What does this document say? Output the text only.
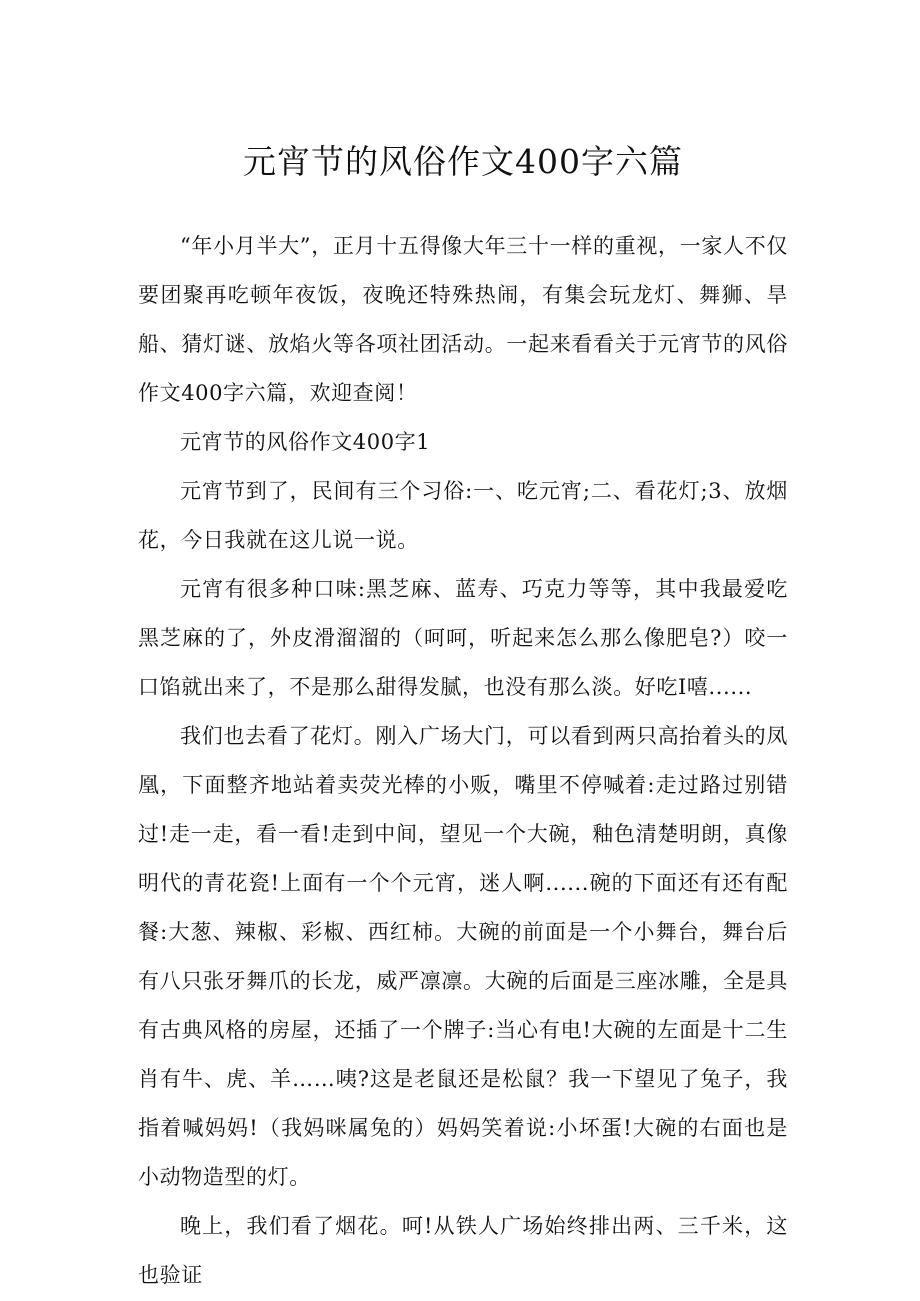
元宵节的风俗作文400字六篇

“年小月半大”，正月十五得像大年三十一样的重视，一家人不仅要团聚再吃顿年夜饭，夜晚还特殊热闹，有集会玩龙灯、舞狮、旱船、猜灯谜、放焰火等各项社团活动。一起来看看关于元宵节的风俗作文400字六篇，欢迎查阅！

元宵节的风俗作文400字1

元宵节到了，民间有三个习俗:一、吃元宵;二、看花灯;3、放烟花，今日我就在这儿说一说。

元宵有很多种口味:黑芝麻、蓝寿、巧克力等等，其中我最爱吃黑芝麻的了，外皮滑溜溜的（呵呵，听起来怎么那么像肥皂?）咬一口馅就出来了，不是那么甜得发腻，也没有那么淡。好吃I嘻......

我们也去看了花灯。刚入广场大门，可以看到两只高抬着头的凤凰，下面整齐地站着卖荧光棒的小贩，嘴里不停喊着:走过路过别错过!走一走，看一看!走到中间，望见一个大碗，釉色清楚明朗，真像明代的青花瓷!上面有一个个元宵，迷人啊......碗的下面还有还有配餐:大葱、辣椒、彩椒、西红柿。大碗的前面是一个小舞台，舞台后有八只张牙舞爪的长龙，威严凛凛。大碗的后面是三座冰雕，全是具有古典风格的房屋，还插了一个牌子:当心有电!大碗的左面是十二生肖有牛、虎、羊……咦?这是老鼠还是松鼠？我一下望见了兔子，我指着喊妈妈!（我妈咪属兔的）妈妈笑着说:小坏蛋!大碗的右面也是小动物造型的灯。

晚上，我们看了烟花。呵!从铁人广场始终排出两、三千米，这也验证
